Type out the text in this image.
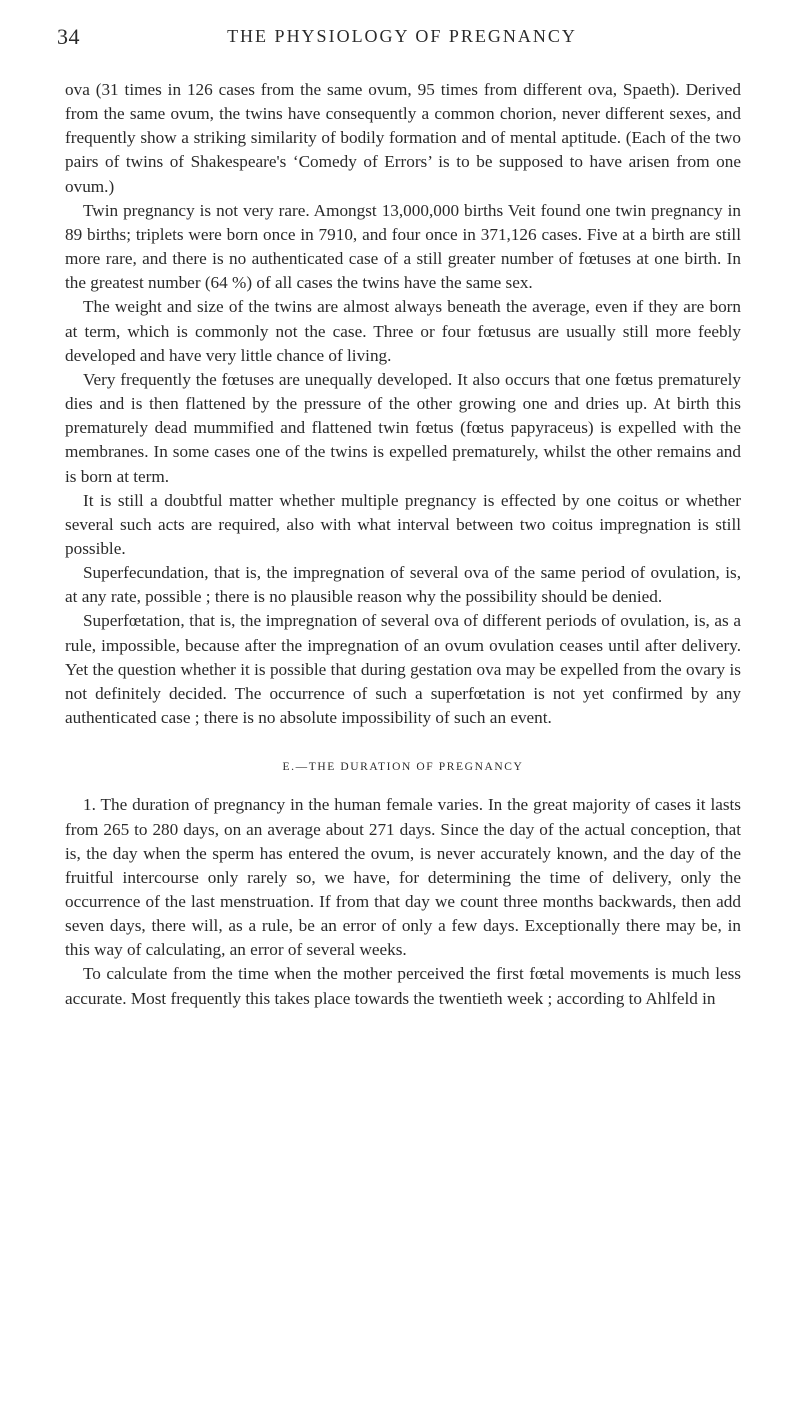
34	THE PHYSIOLOGY OF PREGNANCY

ova (31 times in 126 cases from the same ovum, 95 times from different ova, Spaeth). Derived from the same ovum, the twins have consequently a common chorion, never different sexes, and frequently show a striking similarity of bodily formation and of mental aptitude. (Each of the two pairs of twins of Shakespeare's ‘Comedy of Errors’ is to be supposed to have arisen from one ovum.)

Twin pregnancy is not very rare. Amongst 13,000,000 births Veit found one twin pregnancy in 89 births; triplets were born once in 7910, and four once in 371,126 cases. Five at a birth are still more rare, and there is no authenticated case of a still greater number of fœtuses at one birth. In the greatest number (64 %) of all cases the twins have the same sex.

The weight and size of the twins are almost always beneath the average, even if they are born at term, which is commonly not the case. Three or four fœtusus are usually still more feebly developed and have very little chance of living.

Very frequently the fœtuses are unequally developed. It also occurs that one fœtus prematurely dies and is then flattened by the pressure of the other growing one and dries up. At birth this prematurely dead mummified and flattened twin fœtus (fœtus papyraceus) is expelled with the membranes. In some cases one of the twins is expelled prematurely, whilst the other remains and is born at term.

It is still a doubtful matter whether multiple pregnancy is effected by one coitus or whether several such acts are required, also with what interval between two coitus impregnation is still possible.

Superfecundation, that is, the impregnation of several ova of the same period of ovulation, is, at any rate, possible ; there is no plausible reason why the possibility should be denied.

Superfœtation, that is, the impregnation of several ova of different periods of ovulation, is, as a rule, impossible, because after the impregnation of an ovum ovulation ceases until after delivery. Yet the question whether it is possible that during gestation ova may be expelled from the ovary is not definitely decided. The occurrence of such a superfœtation is not yet confirmed by any authenticated case ; there is no absolute impossibility of such an event.

E.—THE DURATION OF PREGNANCY

1. The duration of pregnancy in the human female varies. In the great majority of cases it lasts from 265 to 280 days, on an average about 271 days. Since the day of the actual conception, that is, the day when the sperm has entered the ovum, is never accurately known, and the day of the fruitful intercourse only rarely so, we have, for determining the time of delivery, only the occurrence of the last menstruation. If from that day we count three months backwards, then add seven days, there will, as a rule, be an error of only a few days. Exceptionally there may be, in this way of calculating, an error of several weeks.

To calculate from the time when the mother perceived the first fœtal movements is much less accurate. Most frequently this takes place towards the twentieth week ; according to Ahlfeld in
